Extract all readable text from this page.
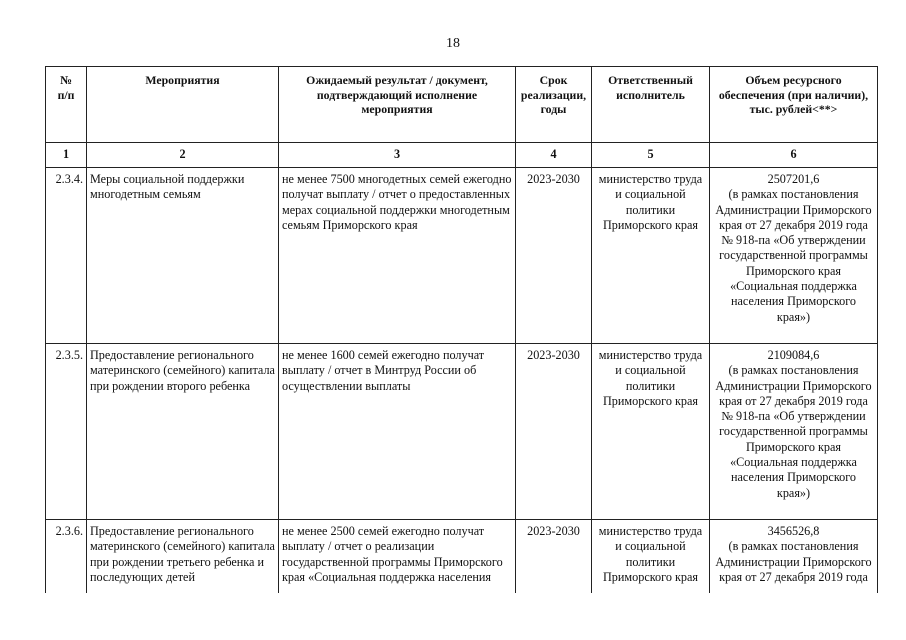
18
№
п/п	Мероприятия	Ожидаемый результат / документ, подтверждающий исполнение мероприятия	Срок реализации, годы	Ответственный исполнитель	Объем ресурсного обеспечения (при наличии), тыс. рублей<**>
1	2	3	4	5	6
2.3.4.	Меры социальной поддержки многодетным семьям	не менее 7500 многодетных семей ежегодно получат выплату / отчет о предоставленных мерах социальной поддержки многодетным семьям Приморского края	2023-2030	министерство труда и социальной политики Приморского края	2507201,6
(в рамках постановления Администрации Приморского края от 27 декабря 2019 года № 918-па «Об утверждении государственной программы Приморского края «Социальная поддержка населения Приморского края»)
2.3.5.	Предоставление регионального материнского (семейного) капитала при рождении второго ребенка	не менее 1600 семей ежегодно получат выплату / отчет в Минтруд России об осуществлении выплаты	2023-2030	министерство труда и социальной политики Приморского края	2109084,6
(в рамках постановления Администрации Приморского края от 27 декабря 2019 года № 918-па «Об утверждении государственной программы Приморского края «Социальная поддержка населения Приморского края»)
2.3.6.	Предоставление регионального материнского (семейного) капитала при рождении третьего ребенка и последующих детей	не менее 2500 семей ежегодно получат выплату / отчет о реализации государственной программы Приморского края «Социальная поддержка населения	2023-2030	министерство труда и социальной политики Приморского края	3456526,8
(в рамках постановления Администрации Приморского края от 27 декабря 2019 года
